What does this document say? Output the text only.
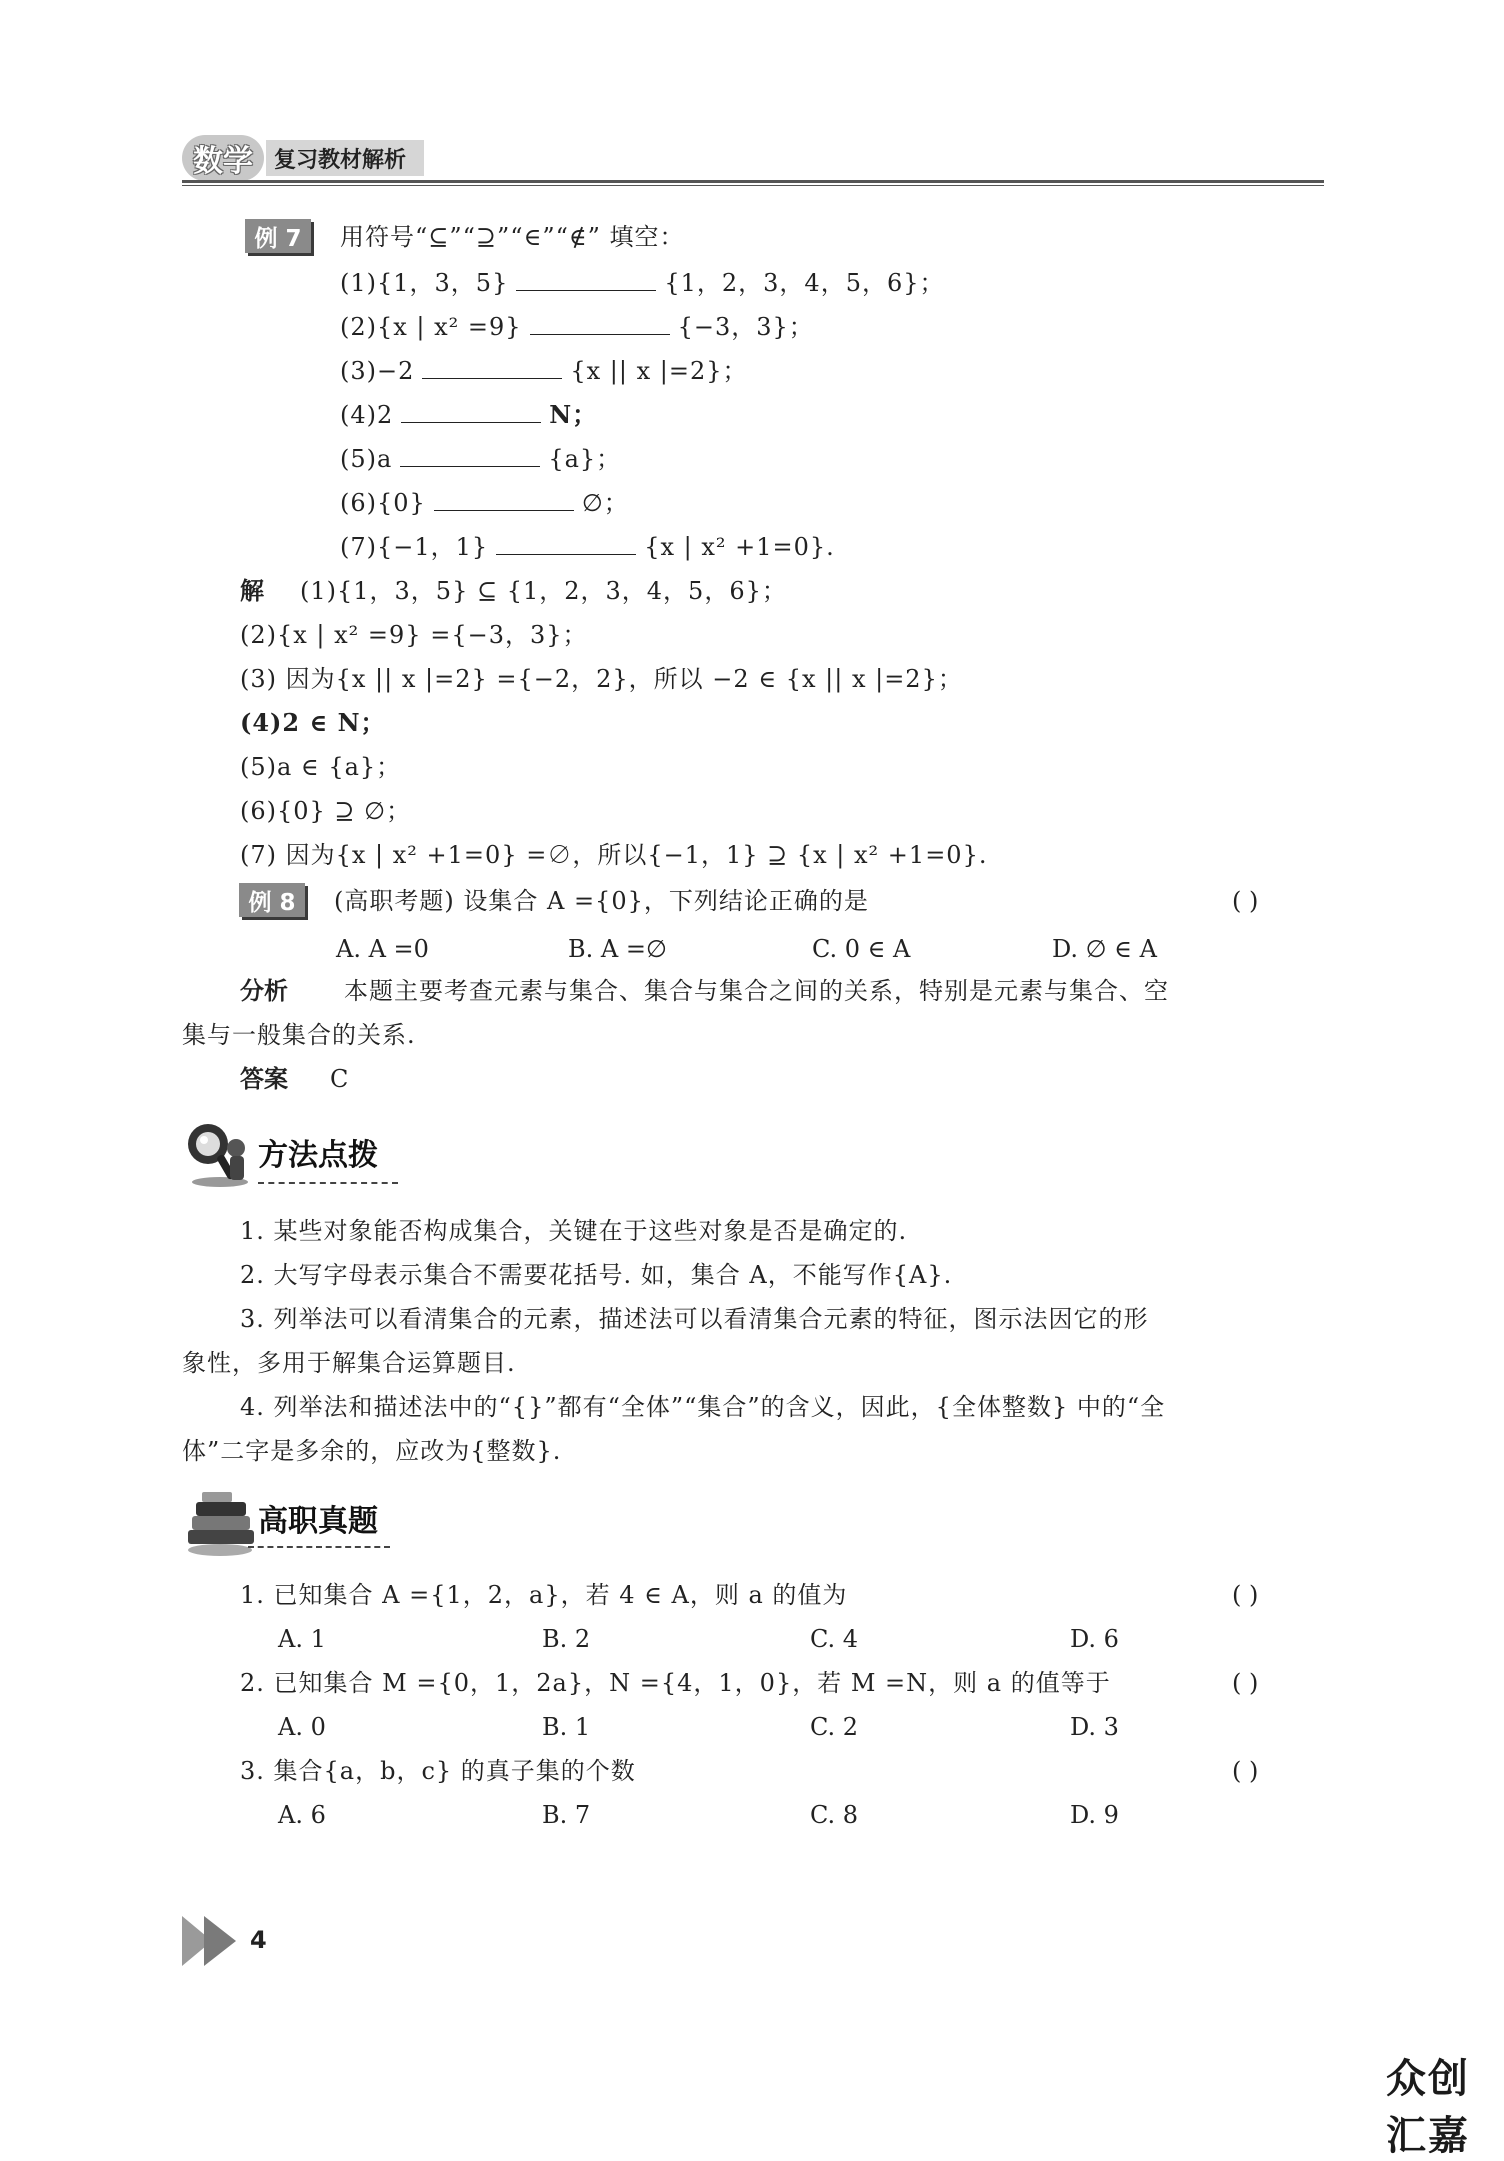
数学 复习教材解析
例 7	用符号“⊆”“⊇”“∈”“∉” 填空：
(1){1，3，5}	{1，2，3，4，5，6}；
(2){x | x² =9}	{−3，3}；
(3)−2	{x || x |=2}；
(4)2	N；
(5)a	{a}；
(6){0}	∅；
(7){−1，1}	{x | x² +1=0}.
解 (1){1，3，5} ⊆ {1，2，3，4，5，6}；
(2){x | x² =9} ={−3，3}；
(3) 因为{x || x |=2} ={−2，2}，所以 −2 ∈ {x || x |=2}；
(4)2 ∈ N；
(5)a ∈ {a}；
(6){0} ⊇ ∅；
(7) 因为{x | x² +1=0} =∅，所以{−1，1} ⊇ {x | x² +1=0}.
例 8	(高职考题) 设集合 A ={0}，下列结论正确的是	( )
A. A =0	B. A =∅	C. 0 ∈ A	D. ∅ ∈ A
分析 本题主要考查元素与集合、集合与集合之间的关系，特别是元素与集合、空
集与一般集合的关系.
答案 C
方法点拨
1. 某些对象能否构成集合，关键在于这些对象是否是确定的.
2. 大写字母表示集合不需要花括号. 如，集合 A，不能写作{A}.
3. 列举法可以看清集合的元素，描述法可以看清集合元素的特征，图示法因它的形
象性，多用于解集合运算题目.
4. 列举法和描述法中的“{}”都有“全体”“集合”的含义，因此，{全体整数} 中的“全
体”二字是多余的，应改为{整数}.
高职真题
1. 已知集合 A ={1，2，a}，若 4 ∈ A，则 a 的值为	( )
A. 1	B. 2	C. 4	D. 6
2. 已知集合 M ={0，1，2a}，N ={4，1，0}，若 M =N，则 a 的值等于	( )
A. 0	B. 1	C. 2	D. 3
3. 集合{a，b，c} 的真子集的个数	( )
A. 6	B. 7	C. 8	D. 9
4
众创汇嘉
